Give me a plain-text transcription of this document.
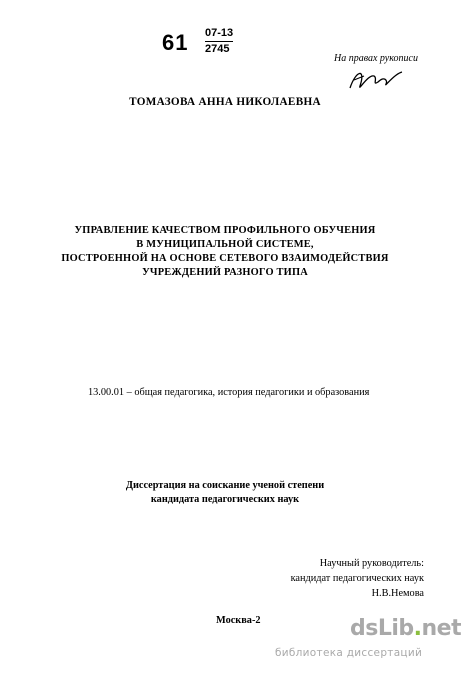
61 07-13
2745
На правах рукописи
ТОМАЗОВА АННА НИКОЛАЕВНА
УПРАВЛЕНИЕ КАЧЕСТВОМ ПРОФИЛЬНОГО ОБУЧЕНИЯ
В МУНИЦИПАЛЬНОЙ СИСТЕМЕ,
ПОСТРОЕННОЙ НА ОСНОВЕ СЕТЕВОГО ВЗАИМОДЕЙСТВИЯ
УЧРЕЖДЕНИЙ РАЗНОГО ТИПА
13.00.01 – общая педагогика, история педагогики и образования
Диссертация на соискание ученой степени
кандидата педагогических наук
Научный руководитель:
кандидат педагогических наук
Н.В.Немова
Москва-2	dsLib.net
библиотека диссертаций
